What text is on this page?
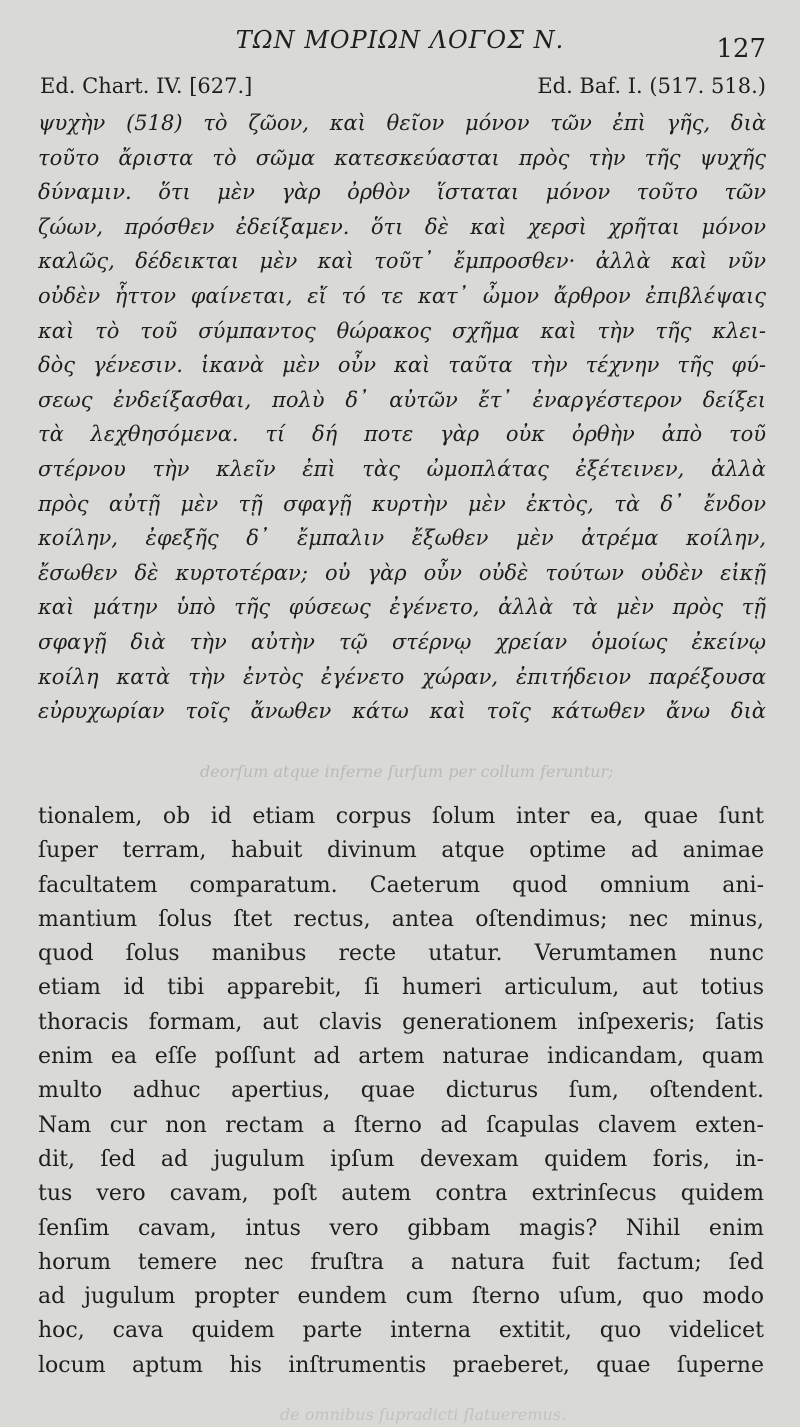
ΤΩΝ ΜΟΡΙΩΝ ΛΟΓΟΣ Ν.	127
Ed. Chart. IV. [627.]	Ed. Baf. I. (517. 518.)
ψυχὴν (518) τὸ ζῶον, καὶ θεῖον μόνον τῶν ἐπὶ γῆς, διὰ
τοῦτο ἄριστα τὸ σῶμα κατεσκεύασται πρὸς τὴν τῆς ψυχῆς
δύναμιν. ὅτι μὲν γὰρ ὀρθὸν ἵσταται μόνον τοῦτο τῶν
ζώων, πρόσθεν ἐδείξαμεν. ὅτι δὲ καὶ χερσὶ χρῆται μόνον
καλῶς, δέδεικται μὲν καὶ τοῦτ᾽ ἔμπροσθεν· ἀλλὰ καὶ νῦν
οὐδὲν ἧττον φαίνεται, εἴ τό τε κατ᾽ ὦμον ἄρθρον ἐπιβλέψαις
καὶ τὸ τοῦ σύμπαντος θώρακος σχῆμα καὶ τὴν τῆς κλει-
δὸς γένεσιν. ἱκανὰ μὲν οὖν καὶ ταῦτα τὴν τέχνην τῆς φύ-
σεως ἐνδείξασθαι, πολὺ δ᾽ αὐτῶν ἔτ᾽ ἐναργέστερον δείξει
τὰ λεχθησόμενα. τί δή ποτε γὰρ οὐκ ὀρθὴν ἀπὸ τοῦ
στέρνου τὴν κλεῖν ἐπὶ τὰς ὠμοπλάτας ἐξέτεινεν, ἀλλὰ
πρὸς αὐτῇ μὲν τῇ σφαγῇ κυρτὴν μὲν ἐκτὸς, τὰ δ᾽ ἔνδον
κοίλην, ἐφεξῆς δ᾽ ἔμπαλιν ἔξωθεν μὲν ἀτρέμα κοίλην,
ἔσωθεν δὲ κυρτοτέραν; οὐ γὰρ οὖν οὐδὲ τούτων οὐδὲν εἰκῇ
καὶ μάτην ὑπὸ τῆς φύσεως ἐγένετο, ἀλλὰ τὰ μὲν πρὸς τῇ
σφαγῇ διὰ τὴν αὐτὴν τῷ στέρνῳ χρείαν ὁμοίως ἐκείνῳ
κοίλη κατὰ τὴν ἐντὸς ἐγένετο χώραν, ἐπιτήδειον παρέξουσα
εὐρυχωρίαν τοῖς ἄνωθεν κάτω καὶ τοῖς κάτωθεν ἄνω διὰ
deorſum atque inferne ſurſum per collum feruntur;
tionalem, ob id etiam corpus ſolum inter ea, quae ſunt
ſuper terram, habuit divinum atque optime ad animae
facultatem comparatum. Caeterum quod omnium ani-
mantium ſolus ſtet rectus, antea oſtendimus; nec minus,
quod ſolus manibus recte utatur. Verumtamen nunc
etiam id tibi apparebit, ſi humeri articulum, aut totius
thoracis formam, aut clavis generationem inſpexeris; ſatis
enim ea eſſe poſſunt ad artem naturae indicandam, quam
multo adhuc apertius, quae dicturus ſum, oſtendent.
Nam cur non rectam a ſterno ad ſcapulas clavem exten-
dit, ſed ad jugulum ipſum devexam quidem foris, in-
tus vero cavam, poſt autem contra extrinſecus quidem
ſenſim cavam, intus vero gibbam magis? Nihil enim
horum temere nec fruſtra a natura fuit factum; ſed
ad jugulum propter eundem cum ſterno uſum, quo modo
hoc, cava quidem parte interna extitit, quo videlicet
locum aptum his inſtrumentis praeberet, quae ſuperne
de omnibus ſupradicti ſlatueremus.
